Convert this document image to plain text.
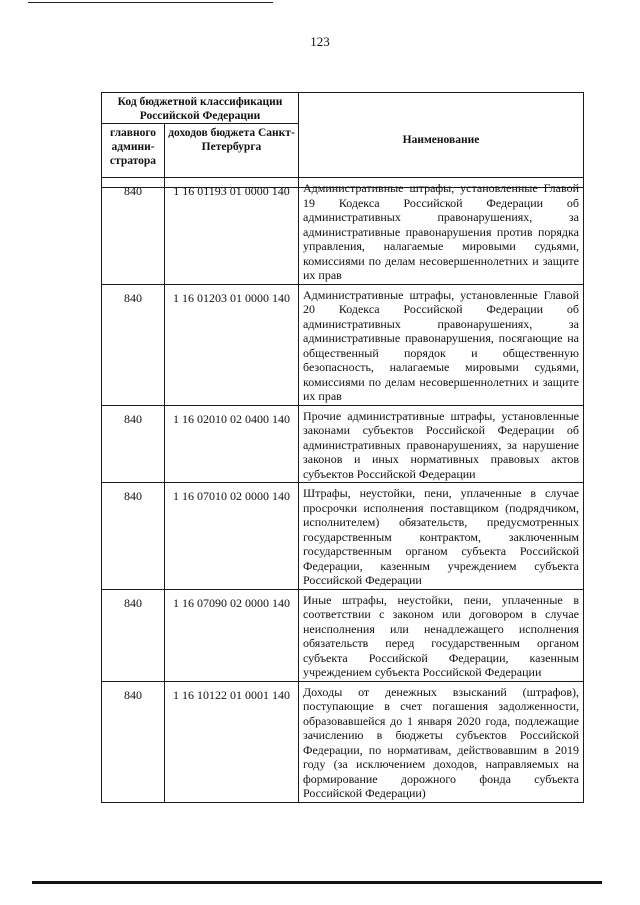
123
Код бюджетной классификации Российской Федерации		Наименование
главного админи-стратора	доходов бюджета Санкт-Петербурга	
840	1 16 01193 01 0000 140	Административные штрафы, установленные Главой 19 Кодекса Российской Федерации об административных правонарушениях, за административные правонарушения против порядка управления, налагаемые мировыми судьями, комиссиями по делам несовершеннолетних и защите их прав
840	1 16 01203 01 0000 140	Административные штрафы, установленные Главой 20 Кодекса Российской Федерации об административных правонарушениях, за административные правонарушения, посягающие на общественный порядок и общественную безопасность, налагаемые мировыми судьями, комиссиями по делам несовершеннолетних и защите их прав
840	1 16 02010 02 0400 140	Прочие административные штрафы, установленные законами субъектов Российской Федерации об административных правонарушениях, за нарушение законов и иных нормативных правовых актов субъектов Российской Федерации
840	1 16 07010 02 0000 140	Штрафы, неустойки, пени, уплаченные в случае просрочки исполнения поставщиком (подрядчиком, исполнителем) обязательств, предусмотренных государственным контрактом, заключенным государственным органом субъекта Российской Федерации, казенным учреждением субъекта Российской Федерации
840	1 16 07090 02 0000 140	Иные штрафы, неустойки, пени, уплаченные в соответствии с законом или договором в случае неисполнения или ненадлежащего исполнения обязательств перед государственным органом субъекта Российской Федерации, казенным учреждением субъекта Российской Федерации
840	1 16 10122 01 0001 140	Доходы от денежных взысканий (штрафов), поступающие в счет погашения задолженности, образовавшейся до 1 января 2020 года, подлежащие зачислению в бюджеты субъектов Российской Федерации, по нормативам, действовавшим в 2019 году (за исключением доходов, направляемых на формирование дорожного фонда субъекта Российской Федерации)
